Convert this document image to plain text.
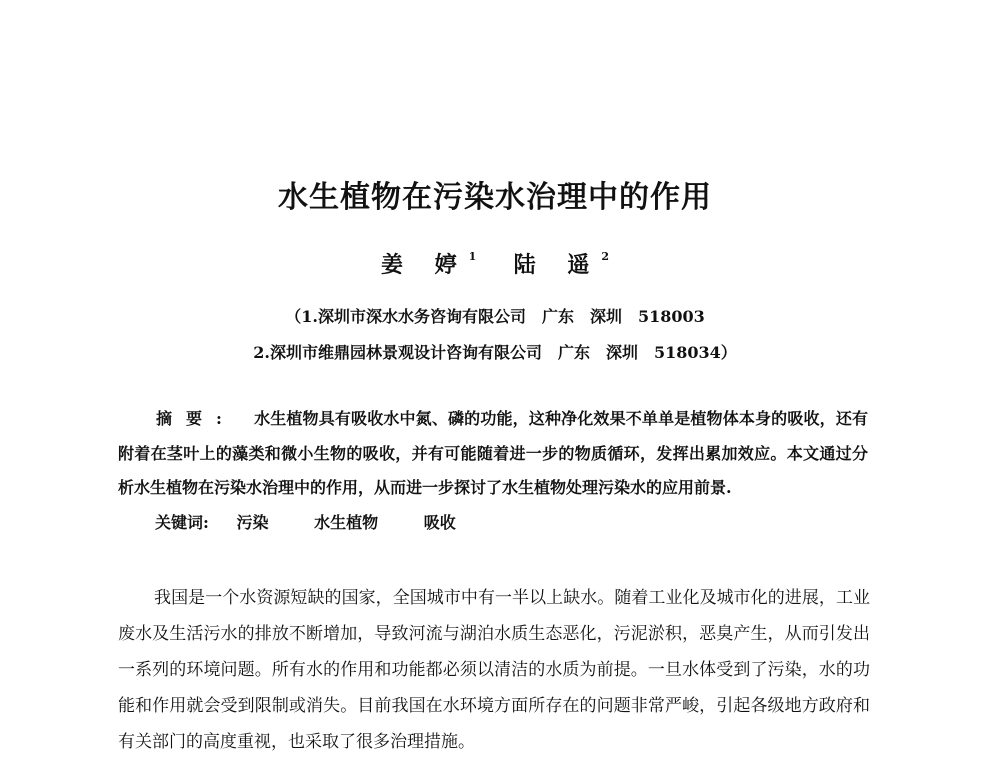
水生植物在污染水治理中的作用
姜 婷$^1$ 陆 遥$^2$
（1.深圳市深水水务咨询有限公司　广东　深圳　518003
2.深圳市维鼎园林景观设计咨询有限公司　广东　深圳　518034）

摘要: 水生植物具有吸收水中氮、磷的功能，这种净化效果不单单是植物体本身的吸收，还有附着在茎叶上的藻类和微小生物的吸收，并有可能随着进一步的物质循环，发挥出累加效应。本文通过分析水生植物在污染水治理中的作用，从而进一步探讨了水生植物处理污染水的应用前景.

关键词: 污染	水生植物	吸收

我国是一个水资源短缺的国家，全国城市中有一半以上缺水。随着工业化及城市化的进展，工业废水及生活污水的排放不断增加，导致河流与湖泊水质生态恶化，污泥淤积，恶臭产生，从而引发出一系列的环境问题。所有水的作用和功能都必须以清洁的水质为前提。一旦水体受到了污染，水的功能和作用就会受到限制或消失。目前我国在水环境方面所存在的问题非常严峻，引起各级地方政府和有关部门的高度重视，也采取了很多治理措施。
